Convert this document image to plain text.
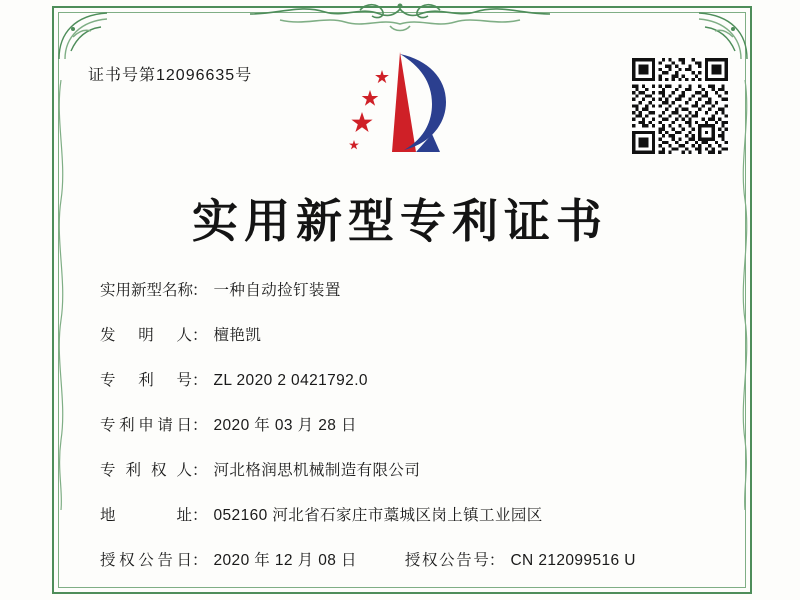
证书号第12096635号
实用新型专利证书
实用新型名称
： 一种自动捡钉装置
发明人 ： 檀艳凯
专利号 ： ZL 2020 2 0421792.0
专利申请日 ： 2020 年 03 月 28 日
专利权人 ： 河北格润思机械制造有限公司
地址 ： 052160 河北省石家庄市藁城区岗上镇工业园区
授权公告日 ： 2020 年 12 月 08 日	授权公告号 ： CN 212099516 U
